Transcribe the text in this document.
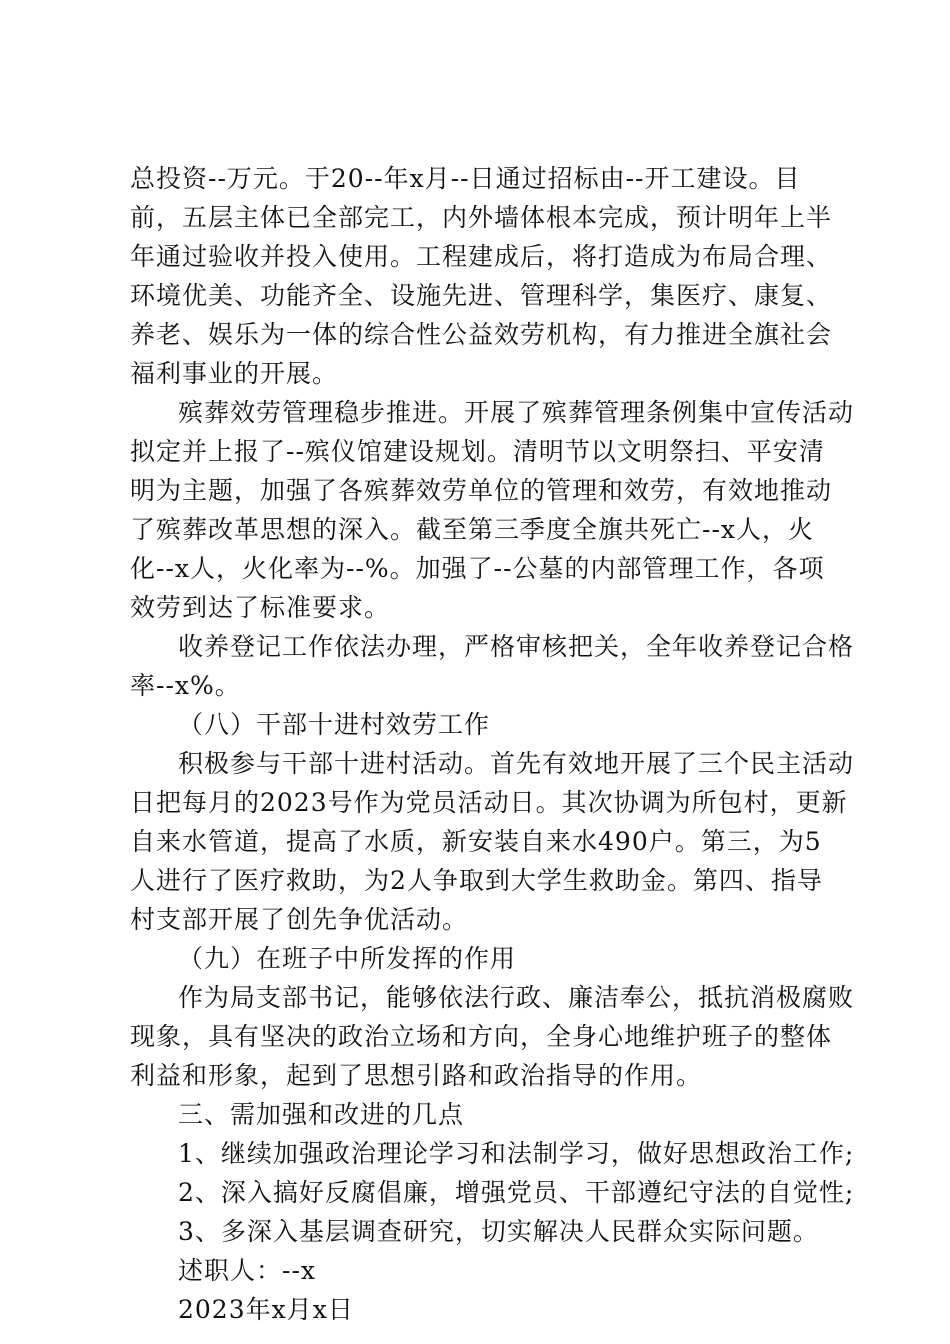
总投资--万元。于20--年x月--日通过招标由--开工建设。目
前，五层主体已全部完工，内外墙体根本完成，预计明年上半
年通过验收并投入使用。工程建成后，将打造成为布局合理、
环境优美、功能齐全、设施先进、管理科学，集医疗、康复、
养老、娱乐为一体的综合性公益效劳机构，有力推进全旗社会
福利事业的开展。
殡葬效劳管理稳步推进。开展了殡葬管理条例集中宣传活动
拟定并上报了--殡仪馆建设规划。清明节以文明祭扫、平安清
明为主题，加强了各殡葬效劳单位的管理和效劳，有效地推动
了殡葬改革思想的深入。截至第三季度全旗共死亡--x人，火
化--x人，火化率为--%。加强了--公墓的内部管理工作，各项
效劳到达了标准要求。
收养登记工作依法办理，严格审核把关，全年收养登记合格
率--x%。
（八）干部十进村效劳工作
积极参与干部十进村活动。首先有效地开展了三个民主活动
日把每月的2023号作为党员活动日。其次协调为所包村，更新
自来水管道，提高了水质，新安装自来水490户。第三，为5
人进行了医疗救助，为2人争取到大学生救助金。第四、指导
村支部开展了创先争优活动。
（九）在班子中所发挥的作用
作为局支部书记，能够依法行政、廉洁奉公，抵抗消极腐败
现象，具有坚决的政治立场和方向，全身心地维护班子的整体
利益和形象，起到了思想引路和政治指导的作用。
三、需加强和改进的几点
1、继续加强政治理论学习和法制学习，做好思想政治工作;
2、深入搞好反腐倡廉，增强党员、干部遵纪守法的自觉性;
3、多深入基层调查研究，切实解决人民群众实际问题。
述职人：--x
2023年x月x日
